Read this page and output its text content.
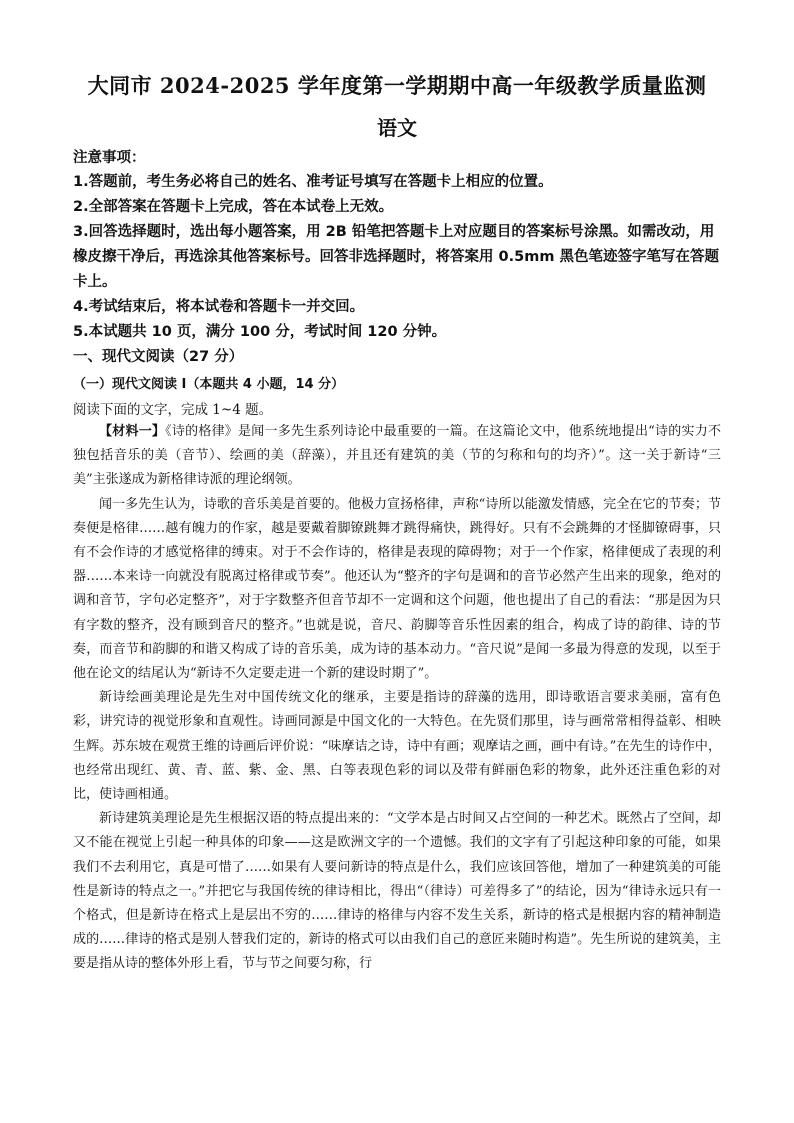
大同市 2024-2025 学年度第一学期期中高一年级教学质量监测
语文
注意事项：
1.答题前，考生务必将自己的姓名、准考证号填写在答题卡上相应的位置。
2.全部答案在答题卡上完成，答在本试卷上无效。
3.回答选择题时，选出每小题答案，用 2B 铅笔把答题卡上对应题目的答案标号涂黑。如需改动，用橡皮擦干净后，再选涂其他答案标号。回答非选择题时，将答案用 0.5mm 黑色笔迹签字笔写在答题卡上。
4.考试结束后，将本试卷和答题卡一并交回。
5.本试题共 10 页，满分 100 分，考试时间 120 分钟。
一、现代文阅读（27 分）
（一）现代文阅读 I（本题共 4 小题，14 分）
阅读下面的文字，完成 1~4 题。

【材料一】《诗的格律》是闻一多先生系列诗论中最重要的一篇。在这篇论文中，他系统地提出“诗的实力不独包括音乐的美（音节）、绘画的美（辞藻），并且还有建筑的美（节的匀称和句的均齐）”。这一关于新诗“三美”主张遂成为新格律诗派的理论纲领。

闻一多先生认为，诗歌的音乐美是首要的。他极力宣扬格律，声称“诗所以能激发情感，完全在它的节奏；节奏便是格律……越有魄力的作家，越是要戴着脚镣跳舞才跳得痛快，跳得好。只有不会跳舞的才怪脚镣碍事，只有不会作诗的才感觉格律的缚束。对于不会作诗的，格律是表现的障碍物；对于一个作家，格律便成了表现的利器……本来诗一向就没有脱离过格律或节奏”。他还认为“整齐的字句是调和的音节必然产生出来的现象，绝对的调和音节，字句必定整齐”，对于字数整齐但音节却不一定调和这个问题，他也提出了自己的看法：“那是因为只有字数的整齐，没有顾到音尺的整齐。”也就是说，音尺、韵脚等音乐性因素的组合，构成了诗的韵律、诗的节奏，而音节和韵脚的和谐又构成了诗的音乐美，成为诗的基本动力。“音尺说”是闻一多最为得意的发现，以至于他在论文的结尾认为“新诗不久定要走进一个新的建设时期了”。

新诗绘画美理论是先生对中国传统文化的继承，主要是指诗的辞藻的选用，即诗歌语言要求美丽，富有色彩，讲究诗的视觉形象和直观性。诗画同源是中国文化的一大特色。在先贤们那里，诗与画常常相得益彰、相映生辉。苏东坡在观赏王维的诗画后评价说：“味摩诘之诗，诗中有画；观摩诘之画，画中有诗。”在先生的诗作中，也经常出现红、黄、青、蓝、紫、金、黑、白等表现色彩的词以及带有鲜丽色彩的物象，此外还注重色彩的对比，使诗画相通。

新诗建筑美理论是先生根据汉语的特点提出来的：“文学本是占时间又占空间的一种艺术。既然占了空间，却又不能在视觉上引起一种具体的印象——这是欧洲文字的一个遗憾。我们的文字有了引起这种印象的可能，如果我们不去利用它，真是可惜了……如果有人要问新诗的特点是什么，我们应该回答他，增加了一种建筑美的可能性是新诗的特点之一。”并把它与我国传统的律诗相比，得出“（律诗）可差得多了”的结论，因为“律诗永远只有一个格式，但是新诗在格式上是层出不穷的……律诗的格律与内容不发生关系，新诗的格式是根据内容的精神制造成的……律诗的格式是别人替我们定的，新诗的格式可以由我们自己的意匠来随时构造”。先生所说的建筑美，主要是指从诗的整体外形上看，节与节之间要匀称，行
